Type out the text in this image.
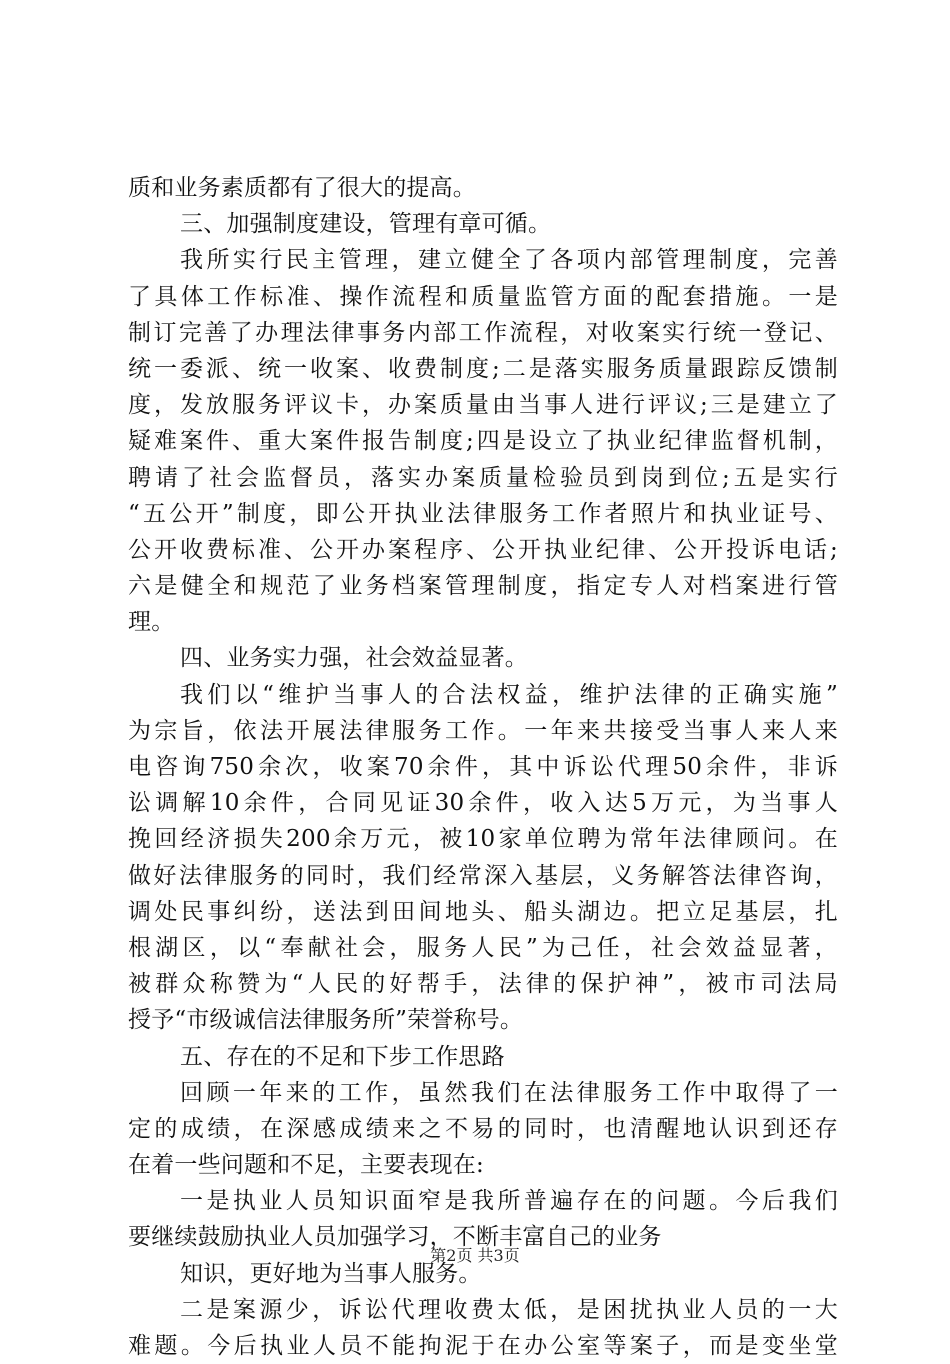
质和业务素质都有了很大的提高。
三、加强制度建设，管理有章可循。
我所实行民主管理，建立健全了各项内部管理制度，完善
了具体工作标准、操作流程和质量监管方面的配套措施。一是
制订完善了办理法律事务内部工作流程，对收案实行统一登记、
统一委派、统一收案、收费制度;二是落实服务质量跟踪反馈制
度，发放服务评议卡，办案质量由当事人进行评议;三是建立了
疑难案件、重大案件报告制度;四是设立了执业纪律监督机制，
聘请了社会监督员，落实办案质量检验员到岗到位;五是实行
“五公开”制度，即公开执业法律服务工作者照片和执业证号、
公开收费标准、公开办案程序、公开执业纪律、公开投诉电话;
六是健全和规范了业务档案管理制度，指定专人对档案进行管
理。
四、业务实力强，社会效益显著。
我们以“维护当事人的合法权益，维护法律的正确实施”
为宗旨，依法开展法律服务工作。一年来共接受当事人来人来
电咨询750余次，收案70余件，其中诉讼代理50余件，非诉
讼调解10余件，合同见证30余件，收入达5万元，为当事人
挽回经济损失200余万元，被10家单位聘为常年法律顾问。在
做好法律服务的同时，我们经常深入基层，义务解答法律咨询，
调处民事纠纷，送法到田间地头、船头湖边。把立足基层，扎
根湖区，以“奉献社会，服务人民”为己任，社会效益显著，
被群众称赞为“人民的好帮手，法律的保护神”，被市司法局
授予“市级诚信法律服务所”荣誉称号。
五、存在的不足和下步工作思路
回顾一年来的工作，虽然我们在法律服务工作中取得了一
定的成绩，在深感成绩来之不易的同时，也清醒地认识到还存
在着一些问题和不足，主要表现在:
一是执业人员知识面窄是我所普遍存在的问题。今后我们
要继续鼓励执业人员加强学习，不断丰富自己的业务
知识，更好地为当事人服务。
二是案源少，诉讼代理收费太低，是困扰执业人员的一大
难题。今后执业人员不能拘泥于在办公室等案子，而是变坐堂
第2页 共3页
